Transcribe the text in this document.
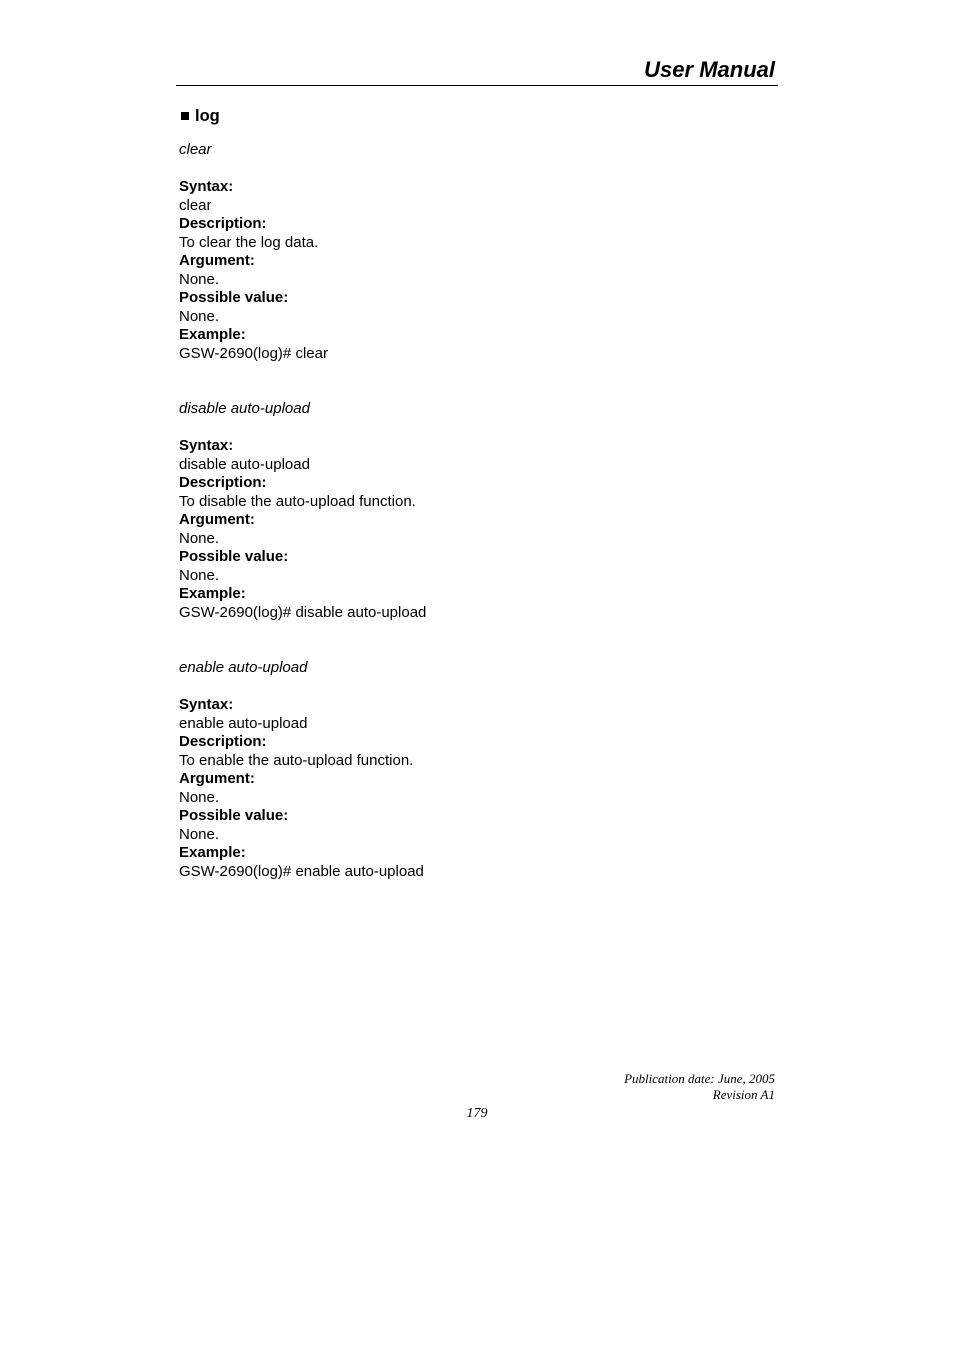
User Manual
log
clear
Syntax:
clear
Description:
To clear the log data.
Argument:
None.
Possible value:
None.
Example:
GSW-2690(log)# clear
disable auto-upload
Syntax:
disable auto-upload
Description:
To disable the auto-upload function.
Argument:
None.
Possible value:
None.
Example:
GSW-2690(log)# disable auto-upload
enable auto-upload
Syntax:
enable auto-upload
Description:
To enable the auto-upload function.
Argument:
None.
Possible value:
None.
Example:
GSW-2690(log)# enable auto-upload
Publication date: June, 2005
Revision A1
179
